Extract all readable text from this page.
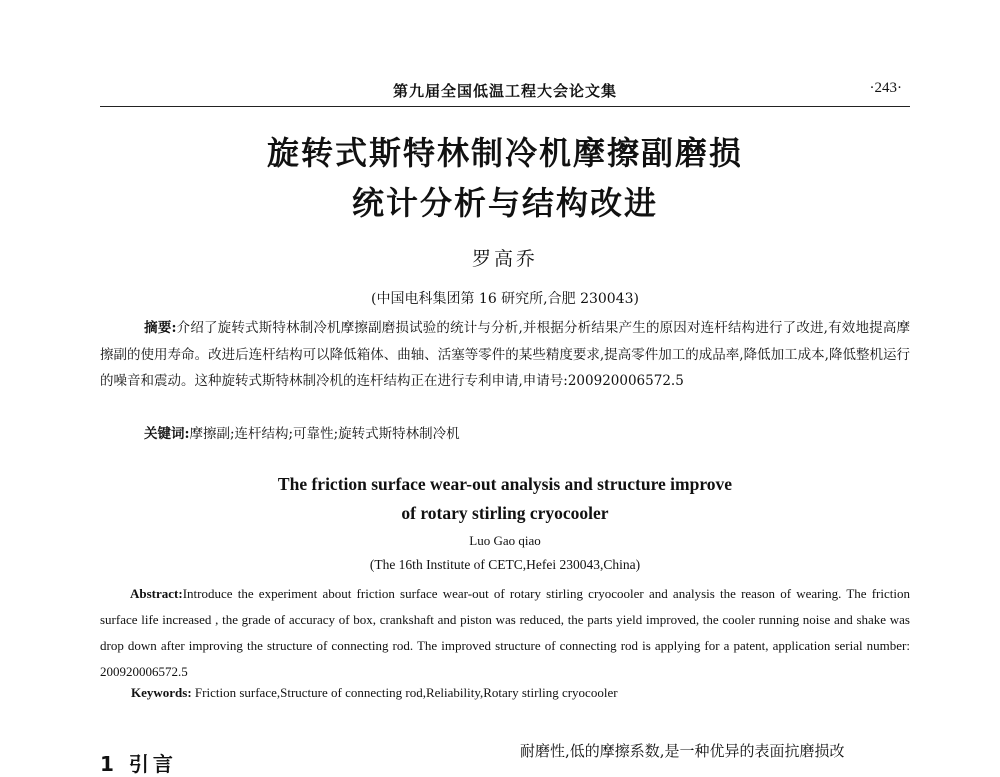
第九届全国低温工程大会论文集	·243·
旋转式斯特林制冷机摩擦副磨损
统计分析与结构改进
罗高乔
(中国电科集团第 16 研究所,合肥 230043)
摘要:介绍了旋转式斯特林制冷机摩擦副磨损试验的统计与分析,并根据分析结果产生的原因对连杆结构进行了改进,有效地提高摩擦副的使用寿命。改进后连杆结构可以降低箱体、曲轴、活塞等零件的某些精度要求,提高零件加工的成品率,降低加工成本,降低整机运行的噪音和震动。这种旋转式斯特林制冷机的连杆结构正在进行专利申请,申请号:200920006572.5
关键词:摩擦副;连杆结构;可靠性;旋转式斯特林制冷机
The friction surface wear-out analysis and structure improve
of rotary stirling cryocooler
Luo Gao qiao
(The 16th Institute of CETC,Hefei 230043,China)
Abstract:Introduce the experiment about friction surface wear-out of rotary stirling cryocooler and analysis the reason of wearing. The friction surface life increased , the grade of accuracy of box, crankshaft and piston was reduced, the parts yield improved, the cooler running noise and shake was drop down after improving the structure of connecting rod. The improved structure of connecting rod is applying for a patent, application serial number: 200920006572.5
Keywords: Friction surface,Structure of connecting rod,Reliability,Rotary stirling cryocooler
1 引言
耐磨性,低的摩擦系数,是一种优异的表面抗磨损改
